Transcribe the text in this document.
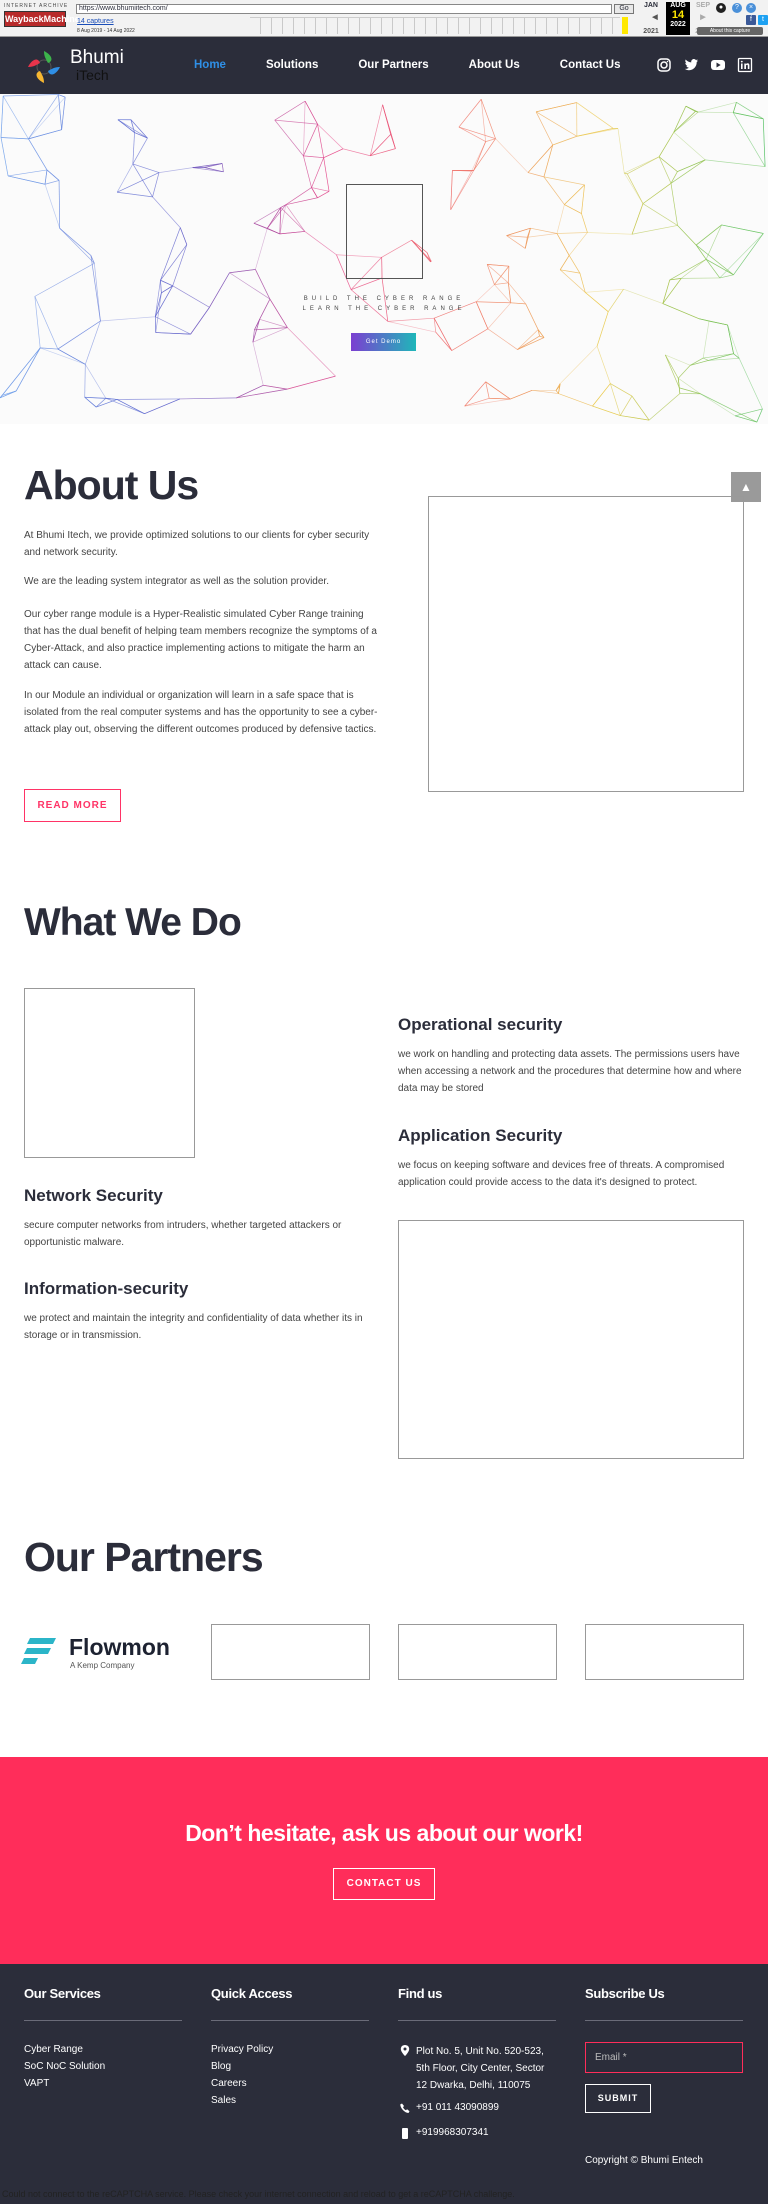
INTERNET ARCHIVE
WaybackMachine
https://www.bhumiitech.com/	Go
14 captures
8 Aug 2019 - 14 Aug 2022
JAN
2021
◀
AUG
14
2022
SEP
▶
●	?	×
f	t
About this capture
Bhumi
iTech
Home	Solutions	Our Partners	About Us	Contact Us
BUILD THE CYBER RANGE
LEARN THE CYBER RANGE
Get Demo
▲
About Us
At Bhumi Itech, we provide optimized solutions to our clients for cyber security and network security.
We are the leading system integrator as well as the solution provider.
Our cyber range module is a Hyper-Realistic simulated Cyber Range training that has the dual benefit of helping team members recognize the symptoms of a Cyber-Attack, and also practice implementing actions to mitigate the harm an attack can cause.
In our Module an individual or organization will learn in a safe space that is isolated from the real computer systems and has the opportunity to see a cyber-attack play out, observing the different outcomes produced by defensive tactics.
READ MORE
What We Do
Operational security
we work on handling and protecting data assets. The permissions users have when accessing a network and the procedures that determine how and where data may be stored
Application Security
we focus on keeping software and devices free of threats. A compromised application could provide access to the data it's designed to protect.
Network Security
secure computer networks from intruders, whether targeted attackers or opportunistic malware.
Information-security
we protect and maintain the integrity and confidentiality of data whether its in storage or in transmission.
Our Partners
Flowmon
A Kemp Company
Don’t hesitate, ask us about our work!
CONTACT US
Our Services
Cyber Range
SoC NoC Solution
VAPT
Quick Access
Privacy Policy
Blog
Careers
Sales
Find us
Plot No. 5, Unit No. 520-523, 5th Floor, City Center, Sector 12 Dwarka, Delhi, 110075
+91 011 43090899
+919968307341
Subscribe Us
Email *
SUBMIT
Copyright © Bhumi Entech
Could not connect to the reCAPTCHA service. Please check your internet connection and reload to get a reCAPTCHA challenge.
